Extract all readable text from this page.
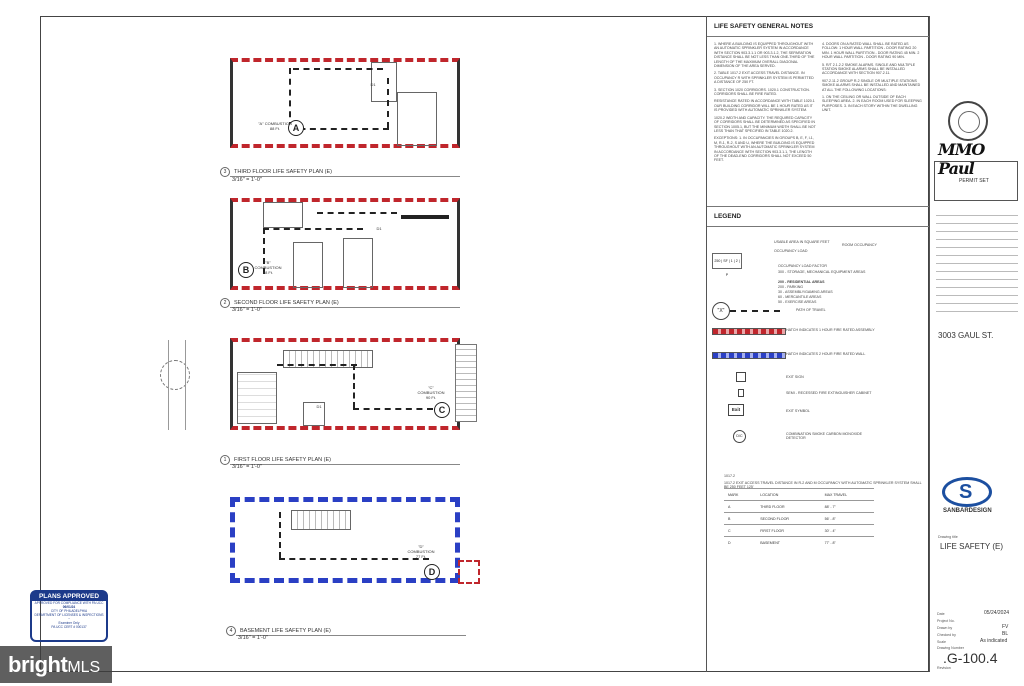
A
"A" COMBUSTION 88 Ft.
D1
3 THIRD FLOOR LIFE SAFETY PLAN (E)
3/16" = 1'-0"
B
"B" COMBUSTION 88 Ft.
D1
2 SECOND FLOOR LIFE SAFETY PLAN (E)
3/16" = 1'-0"
C
"C" COMBUSTION 90 Ft.
D1
1 FIRST FLOOR LIFE SAFETY PLAN (E)
3/16" = 1'-0"
D
"D" COMBUSTION 77 Ft.
4 BASEMENT LIFE SAFETY PLAN (E)
3/16" = 1'-0"
LIFE SAFETY GENERAL NOTES
1. WHERE A BUILDING IS EQUIPPED THROUGHOUT WITH AN AUTOMATIC SPRINKLER SYSTEM IN ACCORDANCE WITH SECTION 903.3.1.1 OR 903.3.1.2, THE SEPARATION DISTANCE SHALL BE NOT LESS THAN ONE-THIRD OF THE LENGTH OF THE MAXIMUM OVERALL DIAGONAL DIMENSION OF THE AREA SERVED.
2. TABLE 1017.2 EXIT ACCESS TRAVEL DISTANCE. IN OCCUPANCY R WITH SPRINKLER SYSTEM IS PERMITTED A DISTANCE OF 250 FT.
3. SECTION 1020 CORRIDORS. 1020.1 CONSTRUCTION. CORRIDORS SHALL BE FIRE RATED.
RESISTANCE RATED IN ACCORDANCE WITH TABLE 1020.1 OUR BUILDING CORRIDOR WILL BE 1 HOUR RATED AS IT IS PROVIDED WITH AUTOMATIC SPRINKLER SYSTEM.
1020.2 WIDTH AND CAPACITY. THE REQUIRED CAPACITY OF CORRIDORS SHALL BE DETERMINED AS SPECIFIED IN SECTION 1005.1, BUT THE MINIMUM WIDTH SHALL BE NOT LESS THAN THAT SPECIFIED IN TABLE 1020.2.
EXCEPTIONS: 1. IN OCCUPANCIES IN GROUPS B, E, F, I-1, M, R-1, R-2, S AND U, WHERE THE BUILDING IS EQUIPPED THROUGHOUT WITH AN AUTOMATIC SPRINKLER SYSTEM IN ACCORDANCE WITH SECTION 903.3.1.1, THE LENGTH OF THE DEAD-END CORRIDORS SHALL NOT EXCEED 50 FEET.
4. DOORS ON A RATED WALL SHALL BE RATED AS FOLLOW: 1 HOUR WALL PARTITION - DOOR RATING 20 MIN. 1 HOUR WALL PARTITION - DOOR RATING 45 MIN. 2 HOUR WALL PARTITION - DOOR RATING 90 MIN.
5. R/T 2.1.2.2 SMOKE ALARMS. SINGLE AND MULTIPLE STATION SMOKE ALARMS SHALL BE INSTALLED ACCORDANCE WITH SECTION 907.2.11.
907.2.11.2 GROUP R-2 SINGLE OR MULTIPLE STATIONS SMOKE ALARMS SHALL BE INSTALLED AND MAINTAINED AT ALL THE FOLLOWING LOCATIONS:
1. ON THE CEILING OR WALL OUTSIDE OF EACH SLEEPING AREA. 2. IN EACH ROOM USED FOR SLEEPING PURPOSES. 3. IN EACH STORY WITHIN THE DWELLING UNIT.
LEGEND
250 | SF | 1 | 2 | P
USABLE AREA IN SQUARE FEET
ROOM OCCUPANCY
OCCUPANCY LOAD
OCCUPANCY LOAD FACTOR
300 - STORAGE, MECHANICAL EQUIPMENT AREAS
200 - RESIDENTIAL AREAS
200 - PARKING
30 - ASSEMBLY/GAMING AREAS
60 - MERCANTILE AREAS
50 - EXERCISE AREAS
"X"	PATH OF TRAVEL
HATCH INDICATES 1 HOUR FIRE RATED ASSEMBLY
HATCH INDICATES 2 HOUR FIRE RATED WALL
EXIT SIGN
SEMI - RECESSED FIRE EXTINGUISHER CABINET
Exit	EXIT SYMBOL
D/C	COMBINATION SMOKE CARBON MONOXIDE DETECTOR
1017.2
1017.2 EXIT ACCESS TRAVEL DISTANCE IN R-2 AND M OCCUPANCY WITH AUTOMATIC SPRINKLER SYSTEM SHALL BE 250 FEET 125'
MARK	LOCATION	MAX TRAVEL
A	THIRD FLOOR	88' - 7"
B	SECOND FLOOR	56' - 8"
C	FIRST FLOOR	30' - 4"
D	BASEMENT	77' - 8"
MMO Paul
PERMIT SET
3003 GAUL ST.
S
SANBARDESIGN
Drawing title
LIFE SAFETY (E)
Date	05/24/2024
Project No.
Drawn by	FV
Checked by	BL
Scale	As indicated
Drawing Number
Revision
.G-100.4
PLANS APPROVED
APPROVED FOR COMPLIANCE WITH PA UCC
06/01/24
CITY OF PHILADELPHIA
DEPARTMENT OF LICENSES & INSPECTIONS
~
Examiner Only
PA UCC CERT # 000137
brightMLS
